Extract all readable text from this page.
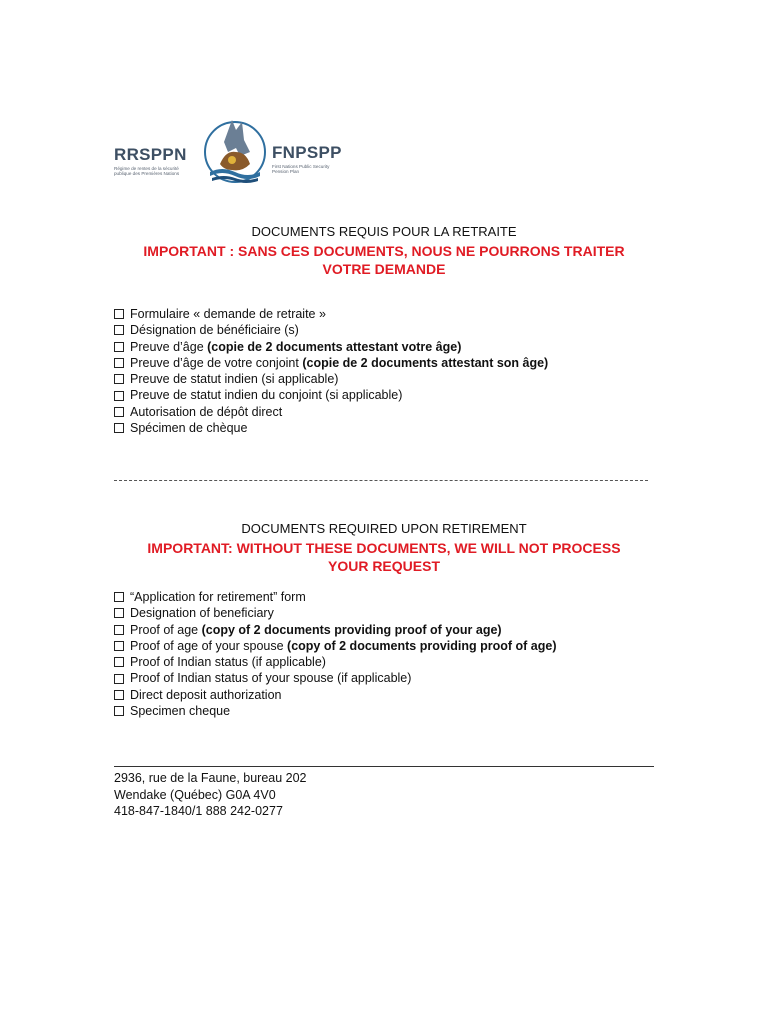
RRSPPN
Régime de rentes de la sécurité
publique des Premières Nations
FNPSPP
First Nations Public Security
Pension Plan
DOCUMENTS REQUIS POUR LA RETRAITE
IMPORTANT : SANS CES DOCUMENTS, NOUS NE POURRONS TRAITER
VOTRE DEMANDE
Formulaire « demande de retraite »
Désignation de bénéficiaire (s)
Preuve d’âge (copie de 2 documents attestant votre âge)
Preuve d’âge de votre conjoint (copie de 2 documents attestant son âge)
Preuve de statut indien (si applicable)
Preuve de statut indien du conjoint (si applicable)
Autorisation de dépôt direct
Spécimen de chèque
DOCUMENTS REQUIRED UPON RETIREMENT
IMPORTANT: WITHOUT THESE DOCUMENTS, WE WILL NOT PROCESS
YOUR REQUEST
“Application for retirement” form
Designation of beneficiary
Proof of age (copy of 2 documents providing proof of your age)
Proof of age of your spouse (copy of 2 documents providing proof of age)
Proof of Indian status (if applicable)
Proof of Indian status of your spouse (if applicable)
Direct deposit authorization
Specimen cheque
2936, rue de la Faune, bureau 202
Wendake (Québec) G0A 4V0
418-847-1840/1 888 242-0277
